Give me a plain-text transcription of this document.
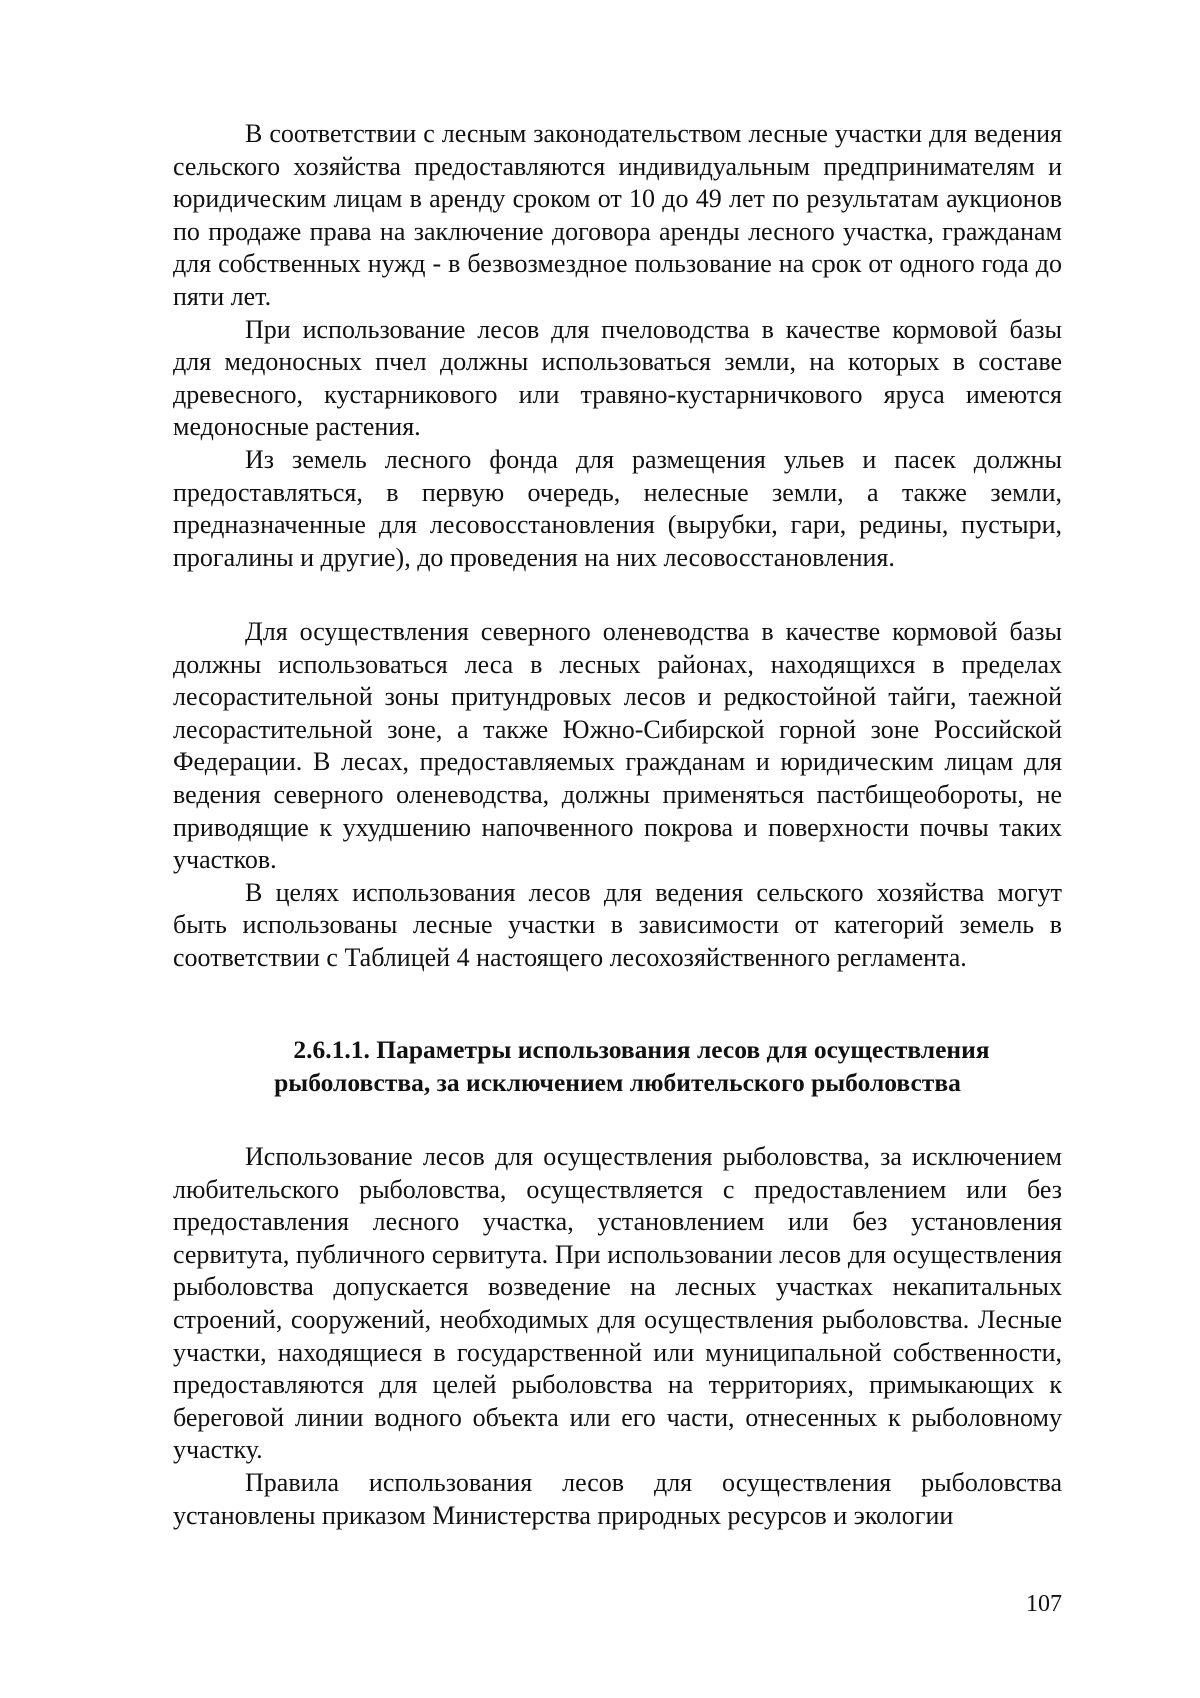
В соответствии с лесным законодательством лесные участки для ведения сельского хозяйства предоставляются индивидуальным предпринимателям и юридическим лицам в аренду сроком от 10 до 49 лет по результатам аукционов по продаже права на заключение договора аренды лесного участка, гражданам для собственных нужд - в безвозмездное пользование на срок от одного года до пяти лет.

При использование лесов для пчеловодства в качестве кормовой базы для медоносных пчел должны использоваться земли, на которых в составе древесного, кустарникового или травяно-кустарничкового яруса имеются медоносные растения.

Из земель лесного фонда для размещения ульев и пасек должны предоставляться, в первую очередь, нелесные земли, а также земли, предназначенные для лесовосстановления (вырубки, гари, редины, пустыри, прогалины и другие), до проведения на них лесовосстановления.

Для осуществления северного оленеводства в качестве кормовой базы должны использоваться леса в лесных районах, находящихся в пределах лесорастительной зоны притундровых лесов и редкостойной тайги, таежной лесорастительной зоне, а также Южно-Сибирской горной зоне Российской Федерации. В лесах, предоставляемых гражданам и юридическим лицам для ведения северного оленеводства, должны применяться пастбищеобороты, не приводящие к ухудшению напочвенного покрова и поверхности почвы таких участков.

В целях использования лесов для ведения сельского хозяйства могут быть использованы лесные участки в зависимости от категорий земель в соответствии с Таблицей 4 настоящего лесохозяйственного регламента.

2.6.1.1. Параметры использования лесов для осуществления
рыболовства, за исключением любительского рыболовства

Использование лесов для осуществления рыболовства, за исключением любительского рыболовства, осуществляется с предоставлением или без предоставления лесного участка, установлением или без установления сервитута, публичного сервитута. При использовании лесов для осуществления рыболовства допускается возведение на лесных участках некапитальных строений, сооружений, необходимых для осуществления рыболовства. Лесные участки, находящиеся в государственной или муниципальной собственности, предоставляются для целей рыболовства на территориях, примыкающих к береговой линии водного объекта или его части, отнесенных к рыболовному участку.

Правила использования лесов для осуществления рыболовства установлены приказом Министерства природных ресурсов и экологии

107
